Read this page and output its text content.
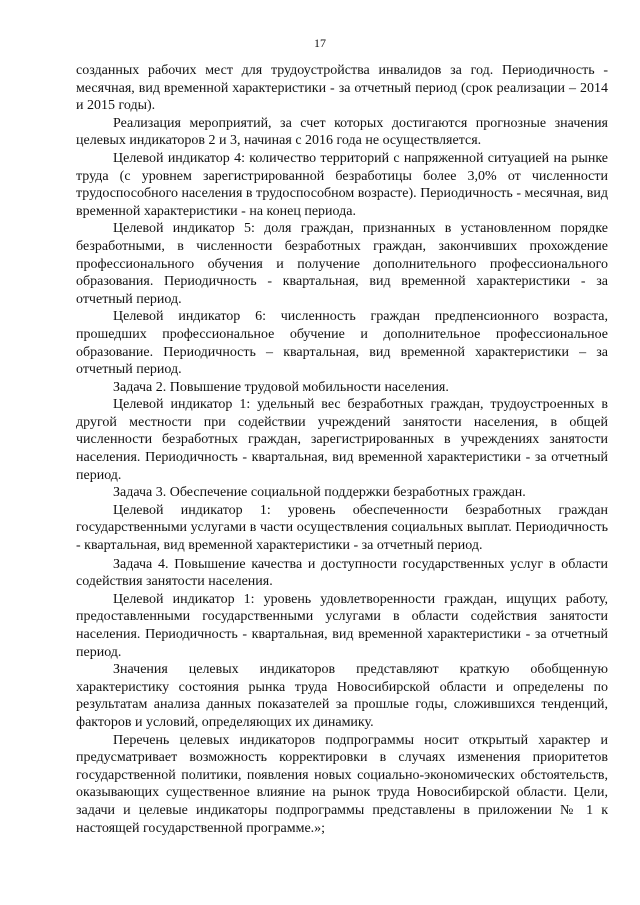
17

созданных рабочих мест для трудоустройства инвалидов за год. Периодичность - месячная, вид временной характеристики - за отчетный период (срок реализации – 2014 и 2015 годы).

Реализация мероприятий, за счет которых достигаются прогнозные значения целевых индикаторов 2 и 3, начиная с 2016 года не осуществляется.

Целевой индикатор 4: количество территорий с напряженной ситуацией на рынке труда (с уровнем зарегистрированной безработицы более 3,0% от численности трудоспособного населения в трудоспособном возрасте). Периодичность - месячная, вид временной характеристики - на конец периода.

Целевой индикатор 5: доля граждан, признанных в установленном порядке безработными, в численности безработных граждан, закончивших прохождение профессионального обучения и получение дополнительного профессионального образования. Периодичность - квартальная, вид временной характеристики - за отчетный период.

Целевой индикатор 6: численность граждан предпенсионного возраста, прошедших профессиональное обучение и дополнительное профессиональное образование. Периодичность – квартальная, вид временной характеристики – за отчетный период.

Задача 2. Повышение трудовой мобильности населения.

Целевой индикатор 1: удельный вес безработных граждан, трудоустроенных в другой местности при содействии учреждений занятости населения, в общей численности безработных граждан, зарегистрированных в учреждениях занятости населения. Периодичность - квартальная, вид временной характеристики - за отчетный период.

Задача 3. Обеспечение социальной поддержки безработных граждан.

Целевой индикатор 1: уровень обеспеченности безработных граждан государственными услугами в части осуществления социальных выплат. Периодичность - квартальная, вид временной характеристики - за отчетный период.

Задача 4. Повышение качества и доступности государственных услуг в области содействия занятости населения.

Целевой индикатор 1: уровень удовлетворенности граждан, ищущих работу, предоставленными государственными услугами в области содействия занятости населения. Периодичность - квартальная, вид временной характеристики - за отчетный период.

Значения целевых индикаторов представляют краткую обобщенную характеристику состояния рынка труда Новосибирской области и определены по результатам анализа данных показателей за прошлые годы, сложившихся тенденций, факторов и условий, определяющих их динамику.

Перечень целевых индикаторов подпрограммы носит открытый характер и предусматривает возможность корректировки в случаях изменения приоритетов государственной политики, появления новых социально-экономических обстоятельств, оказывающих существенное влияние на рынок труда Новосибирской области. Цели, задачи и целевые индикаторы подпрограммы представлены в приложении № 1 к настоящей государственной программе.»;
